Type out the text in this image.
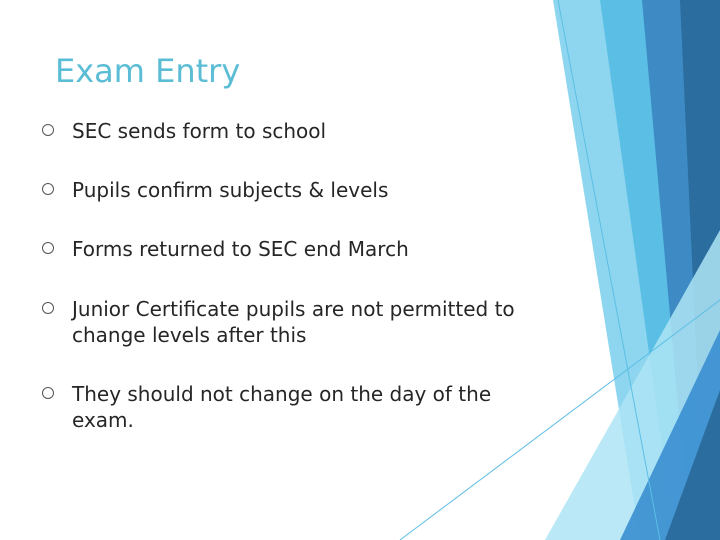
Exam Entry
SEC sends form to school
Pupils confirm subjects & levels
Forms returned to SEC end March
Junior Certificate pupils are not permitted to change levels after this
They should not change on the day of the exam.
